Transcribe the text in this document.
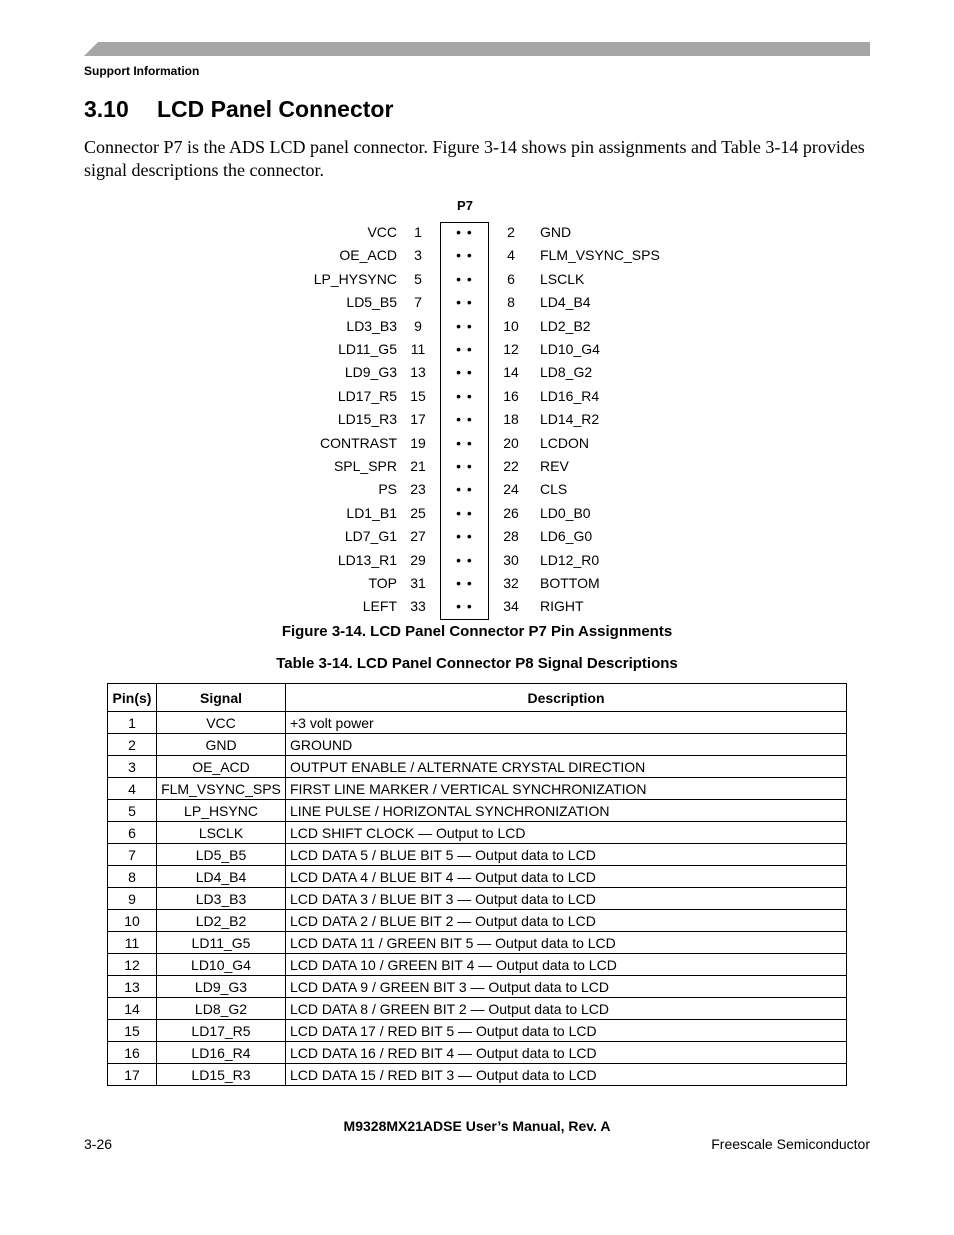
Support Information
3.10 LCD Panel Connector

Connector P7 is the ADS LCD panel connector. Figure 3-14 shows pin assignments and Table 3-14 provides signal descriptions the connector.

P7
VCC	1	• •	2	GND
OE_ACD	3	• •	4	FLM_VSYNC_SPS
LP_HYSYNC	5	• •	6	LSCLK
LD5_B5	7	• •	8	LD4_B4
LD3_B3	9	• •	10 LD2_B2
LD11_G5 11	• •	12 LD10_G4
LD9_G3 13	• •	14 LD8_G2
LD17_R5 15	• •	16 LD16_R4
LD15_R3 17	• •	18 LD14_R2
CONTRAST 19	• •	20 LCDON
SPL_SPR 21	• •	22 REV
PS 23	• •	24 CLS
LD1_B1 25	• •	26 LD0_B0
LD7_G1 27	• •	28 LD6_G0
LD13_R1 29	• •	30 LD12_R0
TOP 31	• •	32 BOTTOM
LEFT 33	• •	34 RIGHT
Figure 3-14. LCD Panel Connector P7 Pin Assignments
Table 3-14. LCD Panel Connector P8 Signal Descriptions
Pin(s)	Signal	Description
1	VCC	+3 volt power
2	GND	GROUND
3	OE_ACD	OUTPUT ENABLE / ALTERNATE CRYSTAL DIRECTION
4	FLM_VSYNC_SPS	FIRST LINE MARKER / VERTICAL SYNCHRONIZATION
5	LP_HSYNC	LINE PULSE / HORIZONTAL SYNCHRONIZATION
6	LSCLK	LCD SHIFT CLOCK — Output to LCD
7	LD5_B5	LCD DATA 5 / BLUE BIT 5 — Output data to LCD
8	LD4_B4	LCD DATA 4 / BLUE BIT 4 — Output data to LCD
9	LD3_B3	LCD DATA 3 / BLUE BIT 3 — Output data to LCD
10	LD2_B2	LCD DATA 2 / BLUE BIT 2 — Output data to LCD
11	LD11_G5	LCD DATA 11 / GREEN BIT 5 — Output data to LCD
12	LD10_G4	LCD DATA 10 / GREEN BIT 4 — Output data to LCD
13	LD9_G3	LCD DATA 9 / GREEN BIT 3 — Output data to LCD
14	LD8_G2	LCD DATA 8 / GREEN BIT 2 — Output data to LCD
15	LD17_R5	LCD DATA 17 / RED BIT 5 — Output data to LCD
16	LD16_R4	LCD DATA 16 / RED BIT 4 — Output data to LCD
17	LD15_R3	LCD DATA 15 / RED BIT 3 — Output data to LCD
M9328MX21ADSE User’s Manual, Rev. A
3-26	Freescale Semiconductor
